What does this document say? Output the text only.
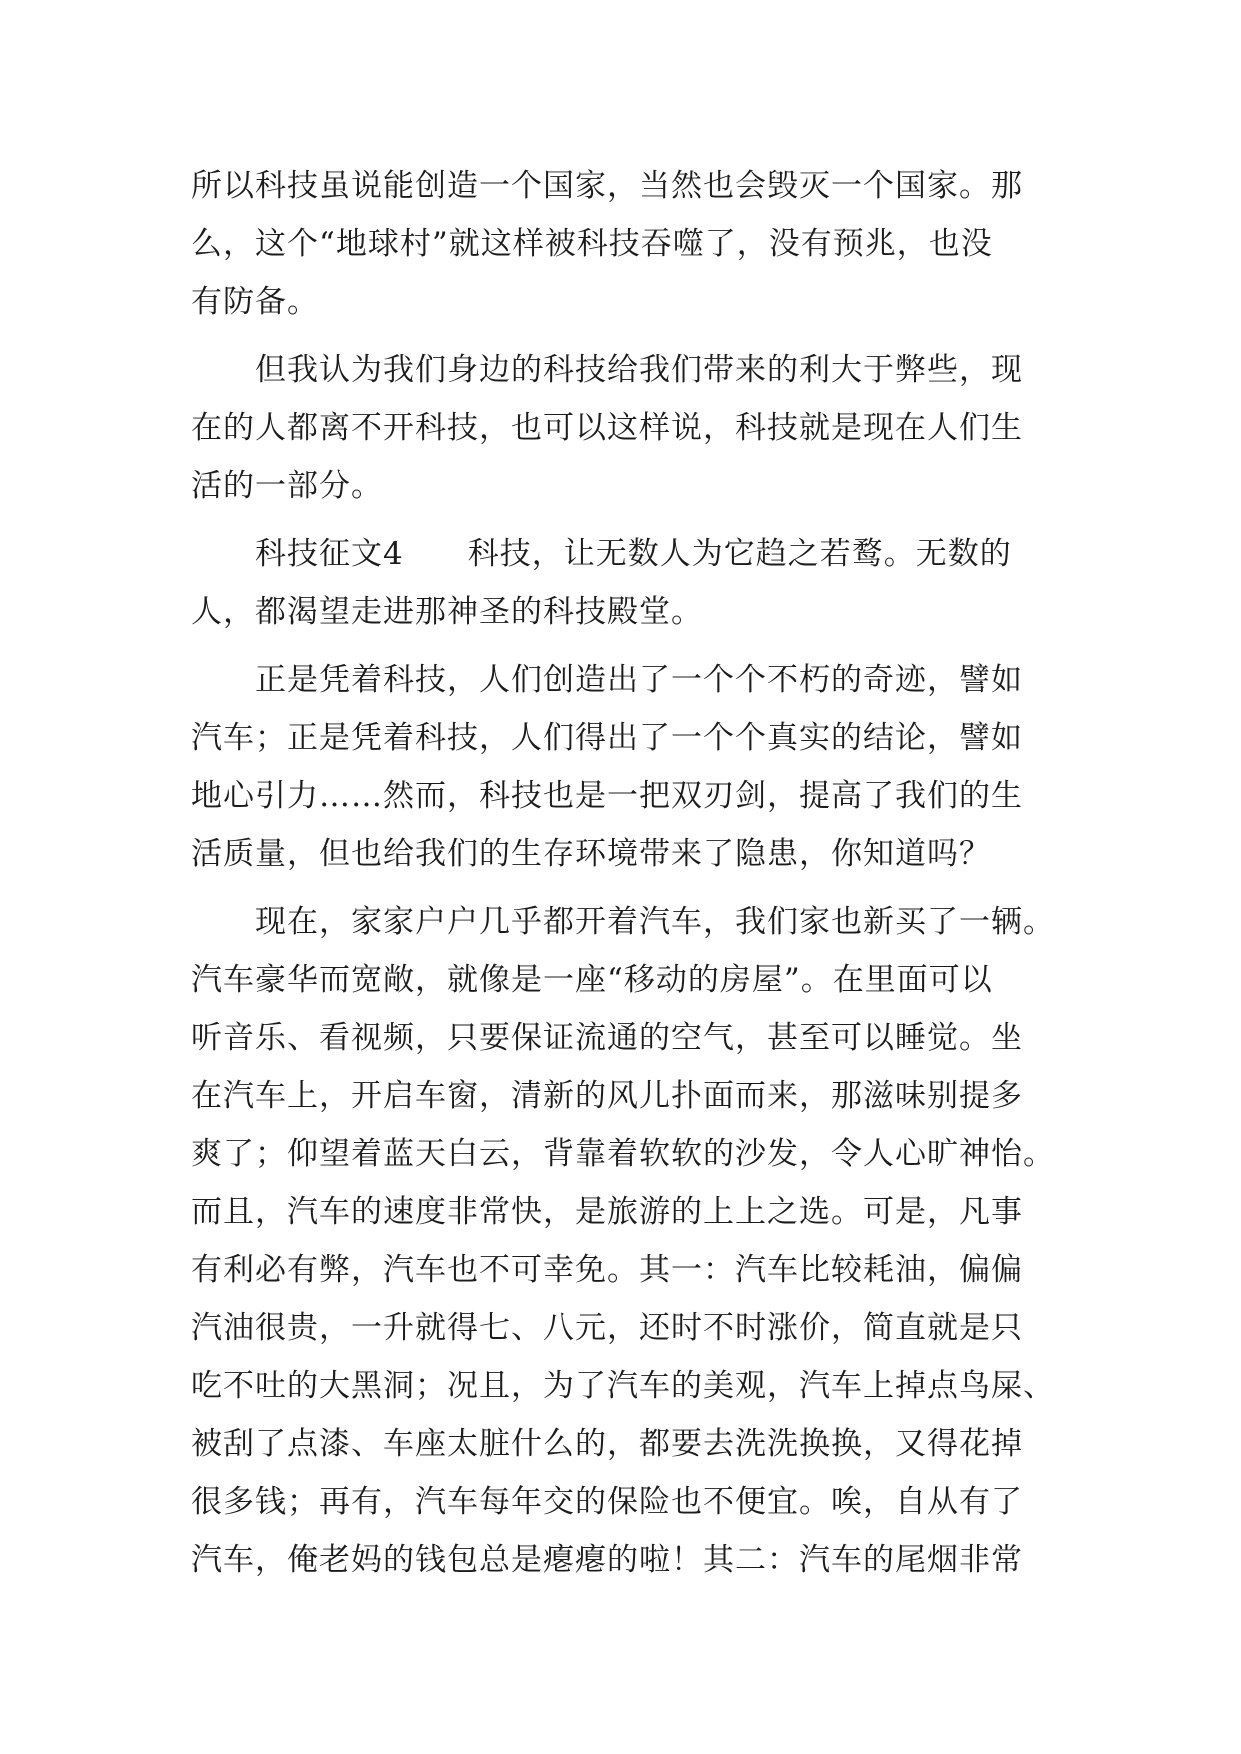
所以科技虽说能创造一个国家，当然也会毁灭一个国家。那
么，这个“地球村”就这样被科技吞噬了，没有预兆，也没
有防备。
但我认为我们身边的科技给我们带来的利大于弊些，现
在的人都离不开科技，也可以这样说，科技就是现在人们生
活的一部分。
科技征文4　　科技，让无数人为它趋之若鹜。无数的
人，都渴望走进那神圣的科技殿堂。
正是凭着科技，人们创造出了一个个不朽的奇迹，譬如
汽车；正是凭着科技，人们得出了一个个真实的结论，譬如
地心引力……然而，科技也是一把双刃剑，提高了我们的生
活质量，但也给我们的生存环境带来了隐患，你知道吗？
现在，家家户户几乎都开着汽车，我们家也新买了一辆。
汽车豪华而宽敞，就像是一座“移动的房屋”。在里面可以
听音乐、看视频，只要保证流通的空气，甚至可以睡觉。坐
在汽车上，开启车窗，清新的风儿扑面而来，那滋味别提多
爽了；仰望着蓝天白云，背靠着软软的沙发，令人心旷神怡。
而且，汽车的速度非常快，是旅游的上上之选。可是，凡事
有利必有弊，汽车也不可幸免。其一：汽车比较耗油，偏偏
汽油很贵，一升就得七、八元，还时不时涨价，简直就是只
吃不吐的大黑洞；况且，为了汽车的美观，汽车上掉点鸟屎、
被刮了点漆、车座太脏什么的，都要去洗洗换换，又得花掉
很多钱；再有，汽车每年交的保险也不便宜。唉，自从有了
汽车，俺老妈的钱包总是瘪瘪的啦！其二：汽车的尾烟非常
